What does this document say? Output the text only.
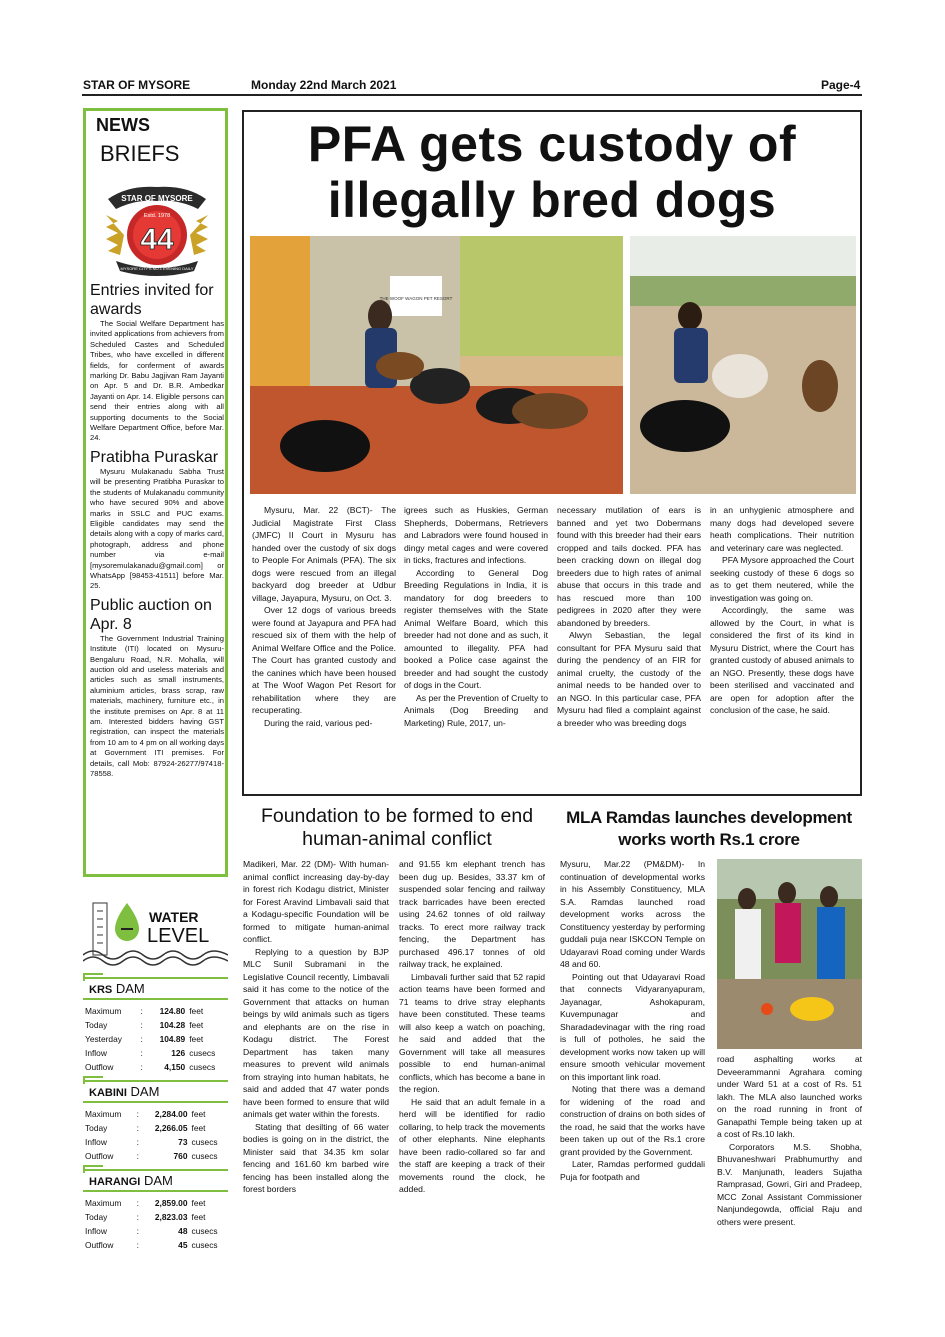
STAR OF MYSORE	Monday 22nd March 2021	Page-4
NEWS
BRIEFS
STAR OF MYSORE
Estd. 1978
44
MYSORE CITY'S NO.1 EVENING DAILY
Entries invited for awards
The Social Welfare Department has invited applications from achievers from Scheduled Castes and Scheduled Tribes, who have excelled in different fields, for conferment of awards marking Dr. Babu Jagjivan Ram Jayanti on Apr. 5 and Dr. B.R. Ambedkar Jayanti on Apr. 14. Eligible persons can send their entries along with all supporting documents to the Social Welfare Department Office, before Mar. 24.
Pratibha Puraskar
Mysuru Mulakanadu Sabha Trust will be presenting Pratibha Puraskar to the students of Mulakanadu community who have secured 90% and above marks in SSLC and PUC exams. Eligible candidates may send the details along with a copy of marks card, photograph, address and phone number via e-mail [mysoremulakanadu@gmail.com] or WhatsApp [98453-41511] before Mar. 25.
Public auction on Apr. 8
The Government Industrial Training Institute (ITI) located on Mysuru-Bengaluru Road, N.R. Mohalla, will auction old and useless materials and articles such as small instruments, aluminium articles, brass scrap, raw materials, machinery, furniture etc., in the institute premises on Apr. 8 at 11 am. Interested bidders having GST registration, can inspect the materials from 10 am to 4 pm on all working days at Government ITI premises. For details, call Mob: 87924-26277/97418-78558.
WATER
LEVEL
KRS DAM
Maximum	:	124.80	feet
Today	:	104.28	feet
Yesterday	:	104.89	feet
Inflow	:	126	cusecs
Outflow	:	4,150	cusecs
KABINI DAM
Maximum	:	2,284.00	feet
Today	:	2,266.05	feet
Inflow	:	73	cusecs
Outflow	:	760	cusecs
HARANGI DAM
Maximum	:	2,859.00	feet
Today	:	2,823.03	feet
Inflow	:	48	cusecs
Outflow	:	45	cusecs
PFA gets custody of
illegally bred dogs
THE WOOF WAGON PET RESORT

Mysuru, Mar. 22 (BCT)- The Judicial Magistrate First Class (JMFC) II Court in Mysuru has handed over the custody of six dogs to People For Animals (PFA). The six dogs were rescued from an illegal backyard dog breeder at Udbur village, Jayapura, Mysuru, on Oct. 3.

Over 12 dogs of various breeds were found at Jayapura and PFA had rescued six of them with the help of Animal Welfare Office and the Police. The Court has granted custody and the canines which have been housed at The Woof Wagon Pet Resort for rehabilitation where they are recuperating.

During the raid, various ped-

igrees such as Huskies, German Shepherds, Dobermans, Retrievers and Labradors were found housed in dingy metal cages and were covered in ticks, fractures and infections.

According to General Dog Breeding Regulations in India, it is mandatory for dog breeders to register themselves with the State Animal Welfare Board, which this breeder had not done and as such, it amounted to illegality. PFA had booked a Police case against the breeder and had sought the custody of dogs in the Court.

As per the Prevention of Cruelty to Animals (Dog Breeding and Marketing) Rule, 2017, un-

necessary mutilation of ears is banned and yet two Dobermans found with this breeder had their ears cropped and tails docked. PFA has been cracking down on illegal dog breeders due to high rates of animal abuse that occurs in this trade and has rescued more than 100 pedigrees in 2020 after they were abandoned by breeders.

Alwyn Sebastian, the legal consultant for PFA Mysuru said that during the pendency of an FIR for animal cruelty, the custody of the animal needs to be handed over to an NGO. In this particular case, PFA Mysuru had filed a complaint against a breeder who was breeding dogs

in an unhygienic atmosphere and many dogs had developed severe heath complications. Their nutrition and veterinary care was neglected.

PFA Mysore approached the Court seeking custody of these 6 dogs so as to get them neutered, while the investigation was going on.

Accordingly, the same was allowed by the Court, in what is considered the first of its kind in Mysuru District, where the Court has granted custody of abused animals to an NGO. Presently, these dogs have been sterilised and vaccinated and are open for adoption after the conclusion of the case, he said.

Foundation to be formed to end human-animal conflict

Madikeri, Mar. 22 (DM)- With human-animal conflict increasing day-by-day in forest rich Kodagu district, Minister for Forest Aravind Limbavali said that a Kodagu-specific Foundation will be formed to mitigate human-animal conflict.

Replying to a question by BJP MLC Sunil Subramani in the Legislative Council recently, Limbavali said it has come to the notice of the Government that attacks on human beings by wild animals such as tigers and elephants are on the rise in Kodagu district. The Forest Department has taken many measures to prevent wild animals from straying into human habitats, he said and added that 47 water ponds have been formed to ensure that wild animals get water within the forests.

Stating that desilting of 66 water bodies is going on in the district, the Minister said that 34.35 km solar fencing and 161.60 km barbed wire fencing has been installed along the forest borders

and 91.55 km elephant trench has been dug up. Besides, 33.37 km of suspended solar fencing and railway track barricades have been erected using 24.62 tonnes of old railway tracks. To erect more railway track fencing, the Department has purchased 496.17 tonnes of old railway track, he explained.

Limbavali further said that 52 rapid action teams have been formed and 71 teams to drive stray elephants have been constituted. These teams will also keep a watch on poaching, he said and added that the Government will take all measures possible to end human-animal conflicts, which has become a bane in the region.

He said that an adult female in a herd will be identified for radio collaring, to help track the movements of other elephants. Nine elephants have been radio-collared so far and the staff are keeping a track of their movements round the clock, he added.

MLA Ramdas launches development works worth Rs.1 crore

Mysuru, Mar.22 (PM&DM)- In continuation of developmental works in his Assembly Constituency, MLA S.A. Ramdas launched road development works across the Constituency yesterday by performing guddali puja near ISKCON Temple on Udayaravi Road coming under Wards 48 and 60.

Pointing out that Udayaravi Road that connects Vidyaranyapuram, Jayanagar, Ashokapuram, Kuvempunagar and Sharadadevinagar with the ring road is full of potholes, he said the development works now taken up will ensure smooth vehicular movement on this important link road.

Noting that there was a demand for widening of the road and construction of drains on both sides of the road, he said that the works have been taken up out of the Rs.1 crore grant provided by the Government.

Later, Ramdas performed guddali Puja for footpath and

road asphalting works at Deveerammanni Agrahara coming under Ward 51 at a cost of Rs. 51 lakh. The MLA also launched works on the road running in front of Ganapathi Temple being taken up at a cost of Rs.10 lakh.

Corporators M.S. Shobha, Bhuvaneshwari Prabhumurthy and B.V. Manjunath, leaders Sujatha Ramprasad, Gowri, Giri and Pradeep, MCC Zonal Assistant Commissioner Nanjundegowda, official Raju and others were present.
